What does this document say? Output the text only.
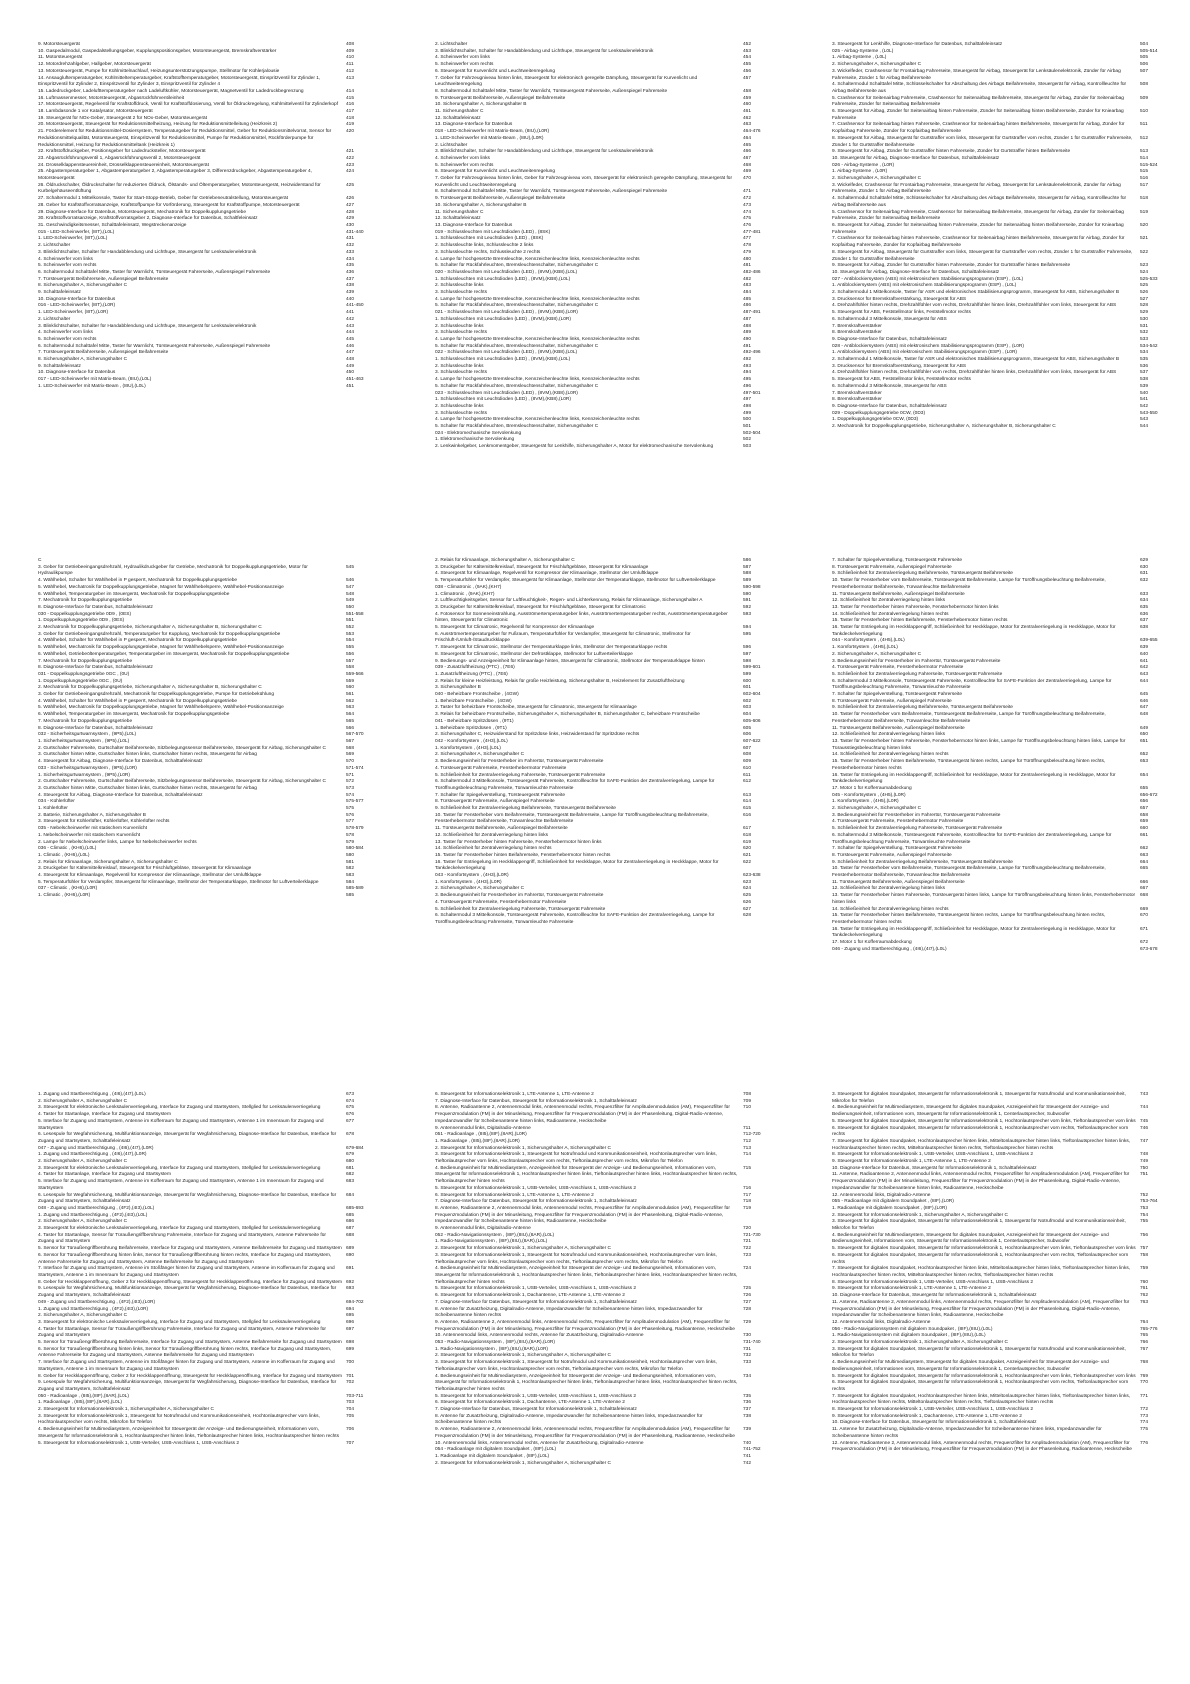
9. Motorsteuergerät	408
10. Gaspedalmodul, Gaspedalstellungsgeber, Kupplungspositionsgeber, Motorsteuergerät, Bremskraftverstärker	409
11. Motorsteuergerät	410
12. Motordrehzahlgeber, Hallgeber, Motorsteuergerät	411
13. Motorsteuergerät, Pumpe für Kühlmittelnachlauf, Heizungsunterstützungspumpe, Stellmotor für Kühlerjalousie	412
14. Ansaugluftemperaturgeber, Kühlmitteltemperaturgeber, Kraftstofftemperaturgeber, Motorsteuergerät, Einspritzventil für Zylinder 1, Einspritzventil für Zylinder 2, Einspritzventil für Zylinder 3, Einspritzventil für Zylinder 4
413
15. Ladedruckgeber, Ladelufttemperaturgeber nach Ladeluftkühler, Motorsteuergerät, Magnetventil für Ladedruckbegrenzung	414
16. Luftmassenmesser, Motorsteuergerät, Abgasrückführventileinheit	415
17. Motorsteuergerät, Regelventil für Kraftstoffdruck, Ventil für Kraftstoffdosierung, Ventil für Öldruckregelung, Kühlmittelventil für Zylinderkopf	416
18. Lambdasonde 1 vor Katalysator, Motorsteuergerät	417
19. Steuergerät für NOx-Geber, Steuergerät 2 für NOx-Geber, Motorsteuergerät	418
20. Motorsteuergerät, Steuergerät für Reduktionsmittelheizung, Heizung für Reduktionsmittelleitung (Heizkreis 2)	419
21. Förderelement für Reduktionsmittel-Dosiersystem, Temperaturgeber für Reduktionsmittel, Geber für Reduktionsmittelvorrat, Sensor für Reduktionsmittelqualität, Motorsteuergerät, Einspritzventil für Reduktionsmittel, Pumpe für Reduktionsmittel, Rückförderpumpe für Reduktionsmittel, Heizung für Reduktionsmitteltank (Heizkreis 1)
420
22. Kraftstoffdruckgeber, Positionsgeber für Ladedrucksteller, Motorsteuergerät	421
23. Abgasrückführungsventil 1, Abgasrückführungsventil 2, Motorsteuergerät	422
24. Drosselklappensteuereinheit, Drosselklappensteuereinheit, Motorsteuergerät	423
25. Abgastemperaturgeber 1, Abgastemperaturgeber 2, Abgastemperaturgeber 3, Differenzdruckgeber, Abgastemperaturgeber 4, Motorsteuergerät
424
26. Öldruckschalter, Öldruckschalter für reduzierten Öldruck, Ölstands- und Öltemperaturgeber, Motorsteuergerät, Heizwiderstand für Kurbelgehäuseentlüftung
425
27. Schaltermodul 1 Mittelkonsole, Taster für Start-Stopp-Betrieb, Geber für Getriebeneutralstellung, Motorsteuergerät	426
28. Geber für Kraftstoffvorratsanzeige, Kraftstoffpumpe für Vorförderung, Steuergerät für Kraftstoffpumpe, Motorsteuergerät	427
29. Diagnose-Interface für Datenbus, Motorsteuergerät, Mechatronik für Doppelkupplungsgetriebe	428
30. Kraftstoffvorratsanzeige, Kraftstoffvorratsgeber 2, Diagnose-Interface für Datenbus, Schaltfeleinsatz	429
31. Geschwindigkeitsmesser, Schalttafeleinsatz, Wegstreckenanzeige	430
015 - LED-Scheinwerfer, (8IT),(L0L)	431-440
1. LED-Scheinwerfer, (8IT),(L0L)	431
2. Lichtschalter	432
3. Blinklichtschalter, Schalter für Handabblendung und Lichthupe, Steuergerät für Lenksäulenelektronik	433
4. Scheinwerfer vorn links	434
5. Scheinwerfer vorn rechts	435
6. Schaltermodul Schalttafel Mitte, Taster für Warnlicht, Türsteuergerät Fahrerseite, Außenspiegel Fahrerseite	436
7. Türsteuergerät Beifahrerseite, Außenspiegel Beifahrerseite	437
8. Sicherungshalter A, Sicherungshalter C	438
9. Schalttafeleinsatz	439
10. Diagnose-Interface für Datenbus	440
016 - LED-Scheinwerfer, (8IT),(L0R)	441-450
1. LED-Scheinwerfer, (8IT),(L0R)	441
2. Lichtschalter	442
3. Blinklichtschalter, Schalter für Handabblendung und Lichthupe, Steuergerät für Lenksäulenelektronik	443
4. Scheinwerfer vorn links	444
5. Scheinwerfer vorn rechts	445
6. Schaltermodul Schalttafel Mitte, Taster für Warnlicht, Türsteuergerät Fahrerseite, Außenspiegel Fahrerseite	446
7. Türsteuergerät Beifahrerseite, Außenspiegel Beifahrerseite	447
8. Sicherungshalter A, Sicherungshalter C	448
9. Schalttafeleinsatz	449
10. Diagnose-Interface für Datenbus	450
017 - LED-Scheinwerfer mit Matrix-Beam, (8IU),(L0L)	451-463
1. LED-Scheinwerfer mit Matrix-Beam , (8IU),(L0L)	451
2. Lichtschalter	452
3. Blinklichtschalter, Schalter für Handabblendung und Lichthupe, Steuergerät für Lenksäulenelektronik	453
4. Scheinwerfer vorn links	454
5. Scheinwerfer vorn rechts	455
6. Steuergerät für Kurvenlicht und Leuchtweitenregelung	456
7. Geber für Fahrzeugniveau hinten links, Steuergerät für elektronisch geregelte Dämpfung, Steuergerät für Kurvenlicht und Leuchtweitenregelung
457
8. Schaltermodul Schalttafel Mitte, Taster für Warnlicht, Türsteuergerät Fahrerseite, Außenspiegel Fahrerseite	458
9. Türsteuergerät Beifahrerseite, Außenspiegel Beifahrerseite	459
10. Sicherungshalter A, Sicherungshalter B	460
11. Sicherungshalter C	461
12. Schalttafeleinsatz	462
13. Diagnose-Interface für Datenbus	463
018 - LED-Scheinwerfer mit Matrix-Beam, (8IU),(L0R)	464-476
1. LED-Scheinwerfer mit Matrix-Beam , (8IU),(L0R)	464
2. Lichtschalter	465
3. Blinklichtschalter, Schalter für Handabblendung und Lichthupe, Steuergerät für Lenksäulenelektronik	466
4. Scheinwerfer vorn links	467
5. Scheinwerfer vorn rechts	468
6. Steuergerät für Kurvenlicht und Leuchtweitenregelung	469
7. Geber für Fahrzeugniveau hinten links, Geber für Fahrzeugniveau vorn, Steuergerät für elektronisch geregelte Dämpfung, Steuergerät für Kurvenlicht und Leuchtweitenregelung
470
8. Schaltermodul Schalttafel Mitte, Taster für Warnlicht, Türsteuergerät Fahrerseite, Außenspiegel Fahrerseite	471
9. Türsteuergerät Beifahrerseite, Außenspiegel Beifahrerseite	472
10. Sicherungshalter A, Sicherungshalter B	473
11. Sicherungshalter C	474
12. Schalttafeleinsatz	475
13. Diagnose-Interface für Datenbus	476
019 - Schlussleuchten mit Leuchtdioden (LED) , (8SK)	477-481
1. Schlussleuchten mit Leuchtdioden (LED) , (8SK)	477
2. Schlussleuchte links, Schlussleuchte 2 links	478
3. Schlussleuchte rechts, Schlussleuchte 2 rechts	479
4. Lampe für hochgesetzte Bremsleuchte, Kennzeichenleuchte links, Kennzeichenleuchte rechts	480
5. Schalter für Rückfahrleuchten, Bremsleuchtenschalter, Sicherungshalter C	481
020 - Schlussleuchten mit Leuchtdioden (LED) , (8VM),(KB8),(L0L)	482-486
1. Schlussleuchten mit Leuchtdioden (LED) , (8VM),(KB8),(L0L)	482
2. Schlussleuchte links	483
3. Schlussleuchte rechts	484
4. Lampe für hochgesetzte Bremsleuchte, Kennzeichenleuchte links, Kennzeichenleuchte rechts	485
5. Schalter für Rückfahrleuchten, Bremsleuchtenschalter, Sicherungshalter C	486
021 - Schlussleuchten mit Leuchtdioden (LED) , (8VM),(KB8),(L0R)	487-491
1. Schlussleuchten mit Leuchtdioden (LED) , (8VM),(KB8),(L0R)	487
2. Schlussleuchte links	488
3. Schlussleuchte rechts	489
4. Lampe für hochgesetzte Bremsleuchte, Kennzeichenleuchte links, Kennzeichenleuchte rechts	490
5. Schalter für Rückfahrleuchten, Bremsleuchtenschalter, Sicherungshalter C	491
022 - Schlussleuchten mit Leuchtdioden (LED) , (8VM),(KB8),(L0L)	492-496
1. Schlussleuchten mit Leuchtdioden (LED) , (8VM),(KB8),(L0L)	492
2. Schlussleuchte links	493
3. Schlussleuchte rechts	494
4. Lampe für hochgesetzte Bremsleuchte, Kennzeichenleuchte links, Kennzeichenleuchte rechts	495
5. Schalter für Rückfahrleuchten, Bremsleuchtenschalter, Sicherungshalter C	496
023 - Schlussleuchten mit Leuchtdioden (LED) , (8VM),(KB8),(L0R)	497-501
1. Schlussleuchten mit Leuchtdioden (LED) , (8VM),(KB8),(L0R)	497
2. Schlussleuchte links	498
3. Schlussleuchte rechts	499
4. Lampe für hochgesetzte Bremsleuchte, Kennzeichenleuchte links, Kennzeichenleuchte rechts	500
5. Schalter für Rückfahrleuchten, Bremsleuchtenschalter, Sicherungshalter C	501
024 - Elektromechanische Servolenkung	502-504
1. Elektromechanische Servolenkung	502
2. Lenkwinkelgeber, Lenkmomentgeber, Steuergerät für Lenkhilfe, Sicherungshalter A, Motor für elektromechanische Servolenkung	503
3. Steuergerät für Lenkhilfe, Diagnose-Interface für Datenbus, Schalttafeleinsatz	504
025 - Airbag-Systeme , (L0L)	505-514
1. Airbag-Systeme , (L0L)	505
2. Sicherungshalter A, Sicherungshalter C	506
3. Wickelfeder, Crashsensor für Frontairbag Fahrerseite, Steuergerät für Airbag, Steuergerät für Lenksäulenelektronik, Zünder für Airbag Fahrerseite, Zünder 1 für Airbag Beifahrerseite
507
4. Schaltermodul Schalttafel Mitte, Schlüsselschalter für Abschaltung des Airbags Beifahrerseite, Steuergerät für Airbag, Kontrollleuchte für Airbag Beifahrerseite aus
508
5. Crashsensor für Seitenairbag Fahrerseite, Crashsensor für Seitenairbag Beifahrerseite, Steuergerät für Airbag, Zünder für Seitenairbag Fahrerseite, Zünder für Seitenairbag Beifahrerseite
509
6. Steuergerät für Airbag, Zünder für Seitenairbag hinten Fahrerseite, Zünder für Seitenairbag hinten Beifahrerseite, Zünder für Kniearbag Fahrerseite
510
7. Crashsensor für Seitenairbag hinten Fahrerseite, Crashsensor für Seitenairbag hinten Beifahrerseite, Steuergerät für Airbag, Zünder für Kopfairbag Fahrerseite, Zünder für Kopfairbag Beifahrerseite
511
8. Steuergerät für Airbag, Steuergerät für Gurtstraffer vorn links, Steuergerät für Gurtstraffer vorn rechts, Zünder 1 für Gurtstraffer Fahrerseite, Zünder 1 für Gurtstraffer Beifahrerseite
512
9. Steuergerät für Airbag, Zünder für Gurtstraffer hinten Fahrerseite, Zünder für Gurtstraffer hinten Beifahrerseite	513
10. Steuergerät für Airbag, Diagnose-Interface für Datenbus, Schalttafeleinsatz	514
026 - Airbag-Systeme , (L0R)	515-524
1. Airbag-Systeme , (L0R)	515
2. Sicherungshalter A, Sicherungshalter C	516
3. Wickelfeder, Crashsensor für Frontairbag Fahrerseite, Steuergerät für Airbag, Steuergerät für Lenksäulenelektronik, Zünder für Airbag Fahrerseite, Zünder 1 für Airbag Beifahrerseite
517
4. Schaltermodul Schalttafel Mitte, Schlüsselschalter für Abschaltung des Airbags Beifahrerseite, Steuergerät für Airbag, Kontrollleuchte für Airbag Beifahrerseite aus
518
5. Crashsensor für Seitenairbag Fahrerseite, Crashsensor für Seitenairbag Beifahrerseite, Steuergerät für Airbag, Zünder für Seitenairbag Fahrerseite, Zünder für Seitenairbag Beifahrerseite
519
6. Steuergerät für Airbag, Zünder für Seitenairbag hinten Fahrerseite, Zünder für Seitenairbag hinten Beifahrerseite, Zünder für Kniearbag Fahrerseite
520
7. Crashsensor für Seitenairbag hinten Fahrerseite, Crashsensor für Seitenairbag hinten Beifahrerseite, Steuergerät für Airbag, Zünder für Kopfairbag Fahrerseite, Zünder für Kopfairbag Beifahrerseite
521
8. Steuergerät für Airbag, Steuergerät für Gurtstraffer vorn links, Steuergerät für Gurtstraffer vorn rechts, Zünder 1 für Gurtstraffer Fahrerseite, Zünder 1 für Gurtstraffer Beifahrerseite
522
9. Steuergerät für Airbag, Zünder für Gurtstraffer hinten Fahrerseite, Zünder für Gurtstraffer hinten Beifahrerseite	523
10. Steuergerät für Airbag, Diagnose-Interface für Datenbus, Schalttafeleinsatz	524
027 - Antiblockiersystem (ABS) mit elektronischem Stabilisierungsprogramm (ESP) , (L0L)	525-533
1. Antiblockiersystem (ABS) mit elektronischem Stabilisierungsprogramm (ESP) , (L0L)	525
2. Schaltermodul 1 Mittelkonsole, Taster für ASR und elektronisches Stabilisierungsprogramm, Steuergerät für ABS, Sicherungshalter B	526
3. Drucksensor für Bremskraftverstärkung, Steuergerät für ABS	527
4. Drehzahlfühler hinten rechts, Drehzahlfühler vorn rechts, Drehzahlfühler hinten links, Drehzahlfühler vorn links, Steuergerät für ABS	528
5. Steuergerät für ABS, Feststellmotor links, Feststellmotor rechts	529
6. Schaltermodul 3 Mittelkonsole, Steuergerät für ABS	530
7. Bremskraftverstärker	531
8. Bremskraftverstärker	532
9. Diagnose-Interface für Datenbus, Schalttafeleinsatz	533
028 - Antiblockiersystem (ABS) mit elektronischem Stabilisierungsprogramm (ESP) , (L0R)	534-542
1. Antiblockiersystem (ABS) mit elektronischem Stabilisierungsprogramm (ESP) , (L0R)	534
2. Schaltermodul 1 Mittelkonsole, Taster für ASR und elektronisches Stabilisierungsprogramm, Steuergerät für ABS, Sicherungshalter B	535
3. Drucksensor für Bremskraftverstärkung, Steuergerät für ABS	536
4. Drehzahlfühler hinten rechts, Drehzahlfühler vorn rechts, Drehzahlfühler hinten links, Drehzahlfühler vorn links, Steuergerät für ABS	537
5. Steuergerät für ABS, Feststellmotor links, Feststellmotor rechts	538
6. Schaltermodul 3 Mittelkonsole, Steuergerät für ABS	539
7. Bremskraftverstärker	540
8. Bremskraftverstärker	541
9. Diagnose-Interface für Datenbus, Schalttafeleinsatz	542
029 - Doppelkupplungsgetriebe 0CW, (0D3)	543-550
1. Doppelkupplungsgetriebe 0CW, (0D3)	543
2. Mechatronik für Doppelkupplungsgetriebe, Sicherungshalter A, Sicherungshalter B, Sicherungshalter C	544
C
3. Geber für Getriebeeingangsdrehzahl, Hydraulikdruckgeber für Getriebe, Mechatronik für Doppelkupplungsgetriebe, Motor für Hydraulikpumpe
545
4. Wählhebel, Schalter für Wählhebel in P gesperrt, Mechatronik für Doppelkupplungsgetriebe	546
5. Wählhebel, Mechatronik für Doppelkupplungsgetriebe, Magnet für Wählhebelsperre, Wählhebel-Positionsanzeige	547
6. Wählhebel, Temperaturgeber im Steuergerät, Mechatronik für Doppelkupplungsgetriebe	548
7. Mechatronik für Doppelkupplungsgetriebe	549
8. Diagnose-Interface für Datenbus, Schalttafeleinsatz	550
030 - Doppelkupplungsgetriebe 0D9 , (0ES)	551-558
1. Doppelkupplungsgetriebe 0D9 , (0ES)	551
2. Mechatronik für Doppelkupplungsgetriebe, Sicherungshalter A, Sicherungshalter B, Sicherungshalter C	552
3. Geber für Getriebeeingangsdrehzahl, Temperaturgeber für Kupplung, Mechatronik für Doppelkupplungsgetriebe	553
4. Wählhebel, Schalter für Wählhebel in P gesperrt, Mechatronik für Doppelkupplungsgetriebe	554
5. Wählhebel, Mechatronik für Doppelkupplungsgetriebe, Magnet für Wählhebelsperre, Wählhebel-Positionsanzeige	555
6. Wählhebel, Getriebeöltemperaturgeber, Temperaturgeber im Steuergerät, Mechatronik für Doppelkupplungsgetriebe	556
7. Mechatronik für Doppelkupplungsgetriebe	557
8. Diagnose-Interface für Datenbus, Schalttafeleinsatz	558
031 - Doppelkupplungsgetriebe 0GC , (0U)	559-566
1. Doppelkupplungsgetriebe 0GC , (0U)	559
2. Mechatronik für Doppelkupplungsgetriebe, Sicherungshalter A, Sicherungshalter B, Sicherungshalter C	560
3. Geber für Getriebeeingangsdrehzahl, Mechatronik für Doppelkupplungsgetriebe, Pumpe für Getriebekühlung	561
4. Wählhebel, Schalter für Wählhebel in P gesperrt, Mechatronik für Doppelkupplungsgetriebe	562
5. Wählhebel, Mechatronik für Doppelkupplungsgetriebe, Magnet für Wählhebelsperre, Wählhebel-Positionsanzeige	563
6. Wählhebel, Temperaturgeber im Steuergerät, Mechatronik für Doppelkupplungsgetriebe	564
7. Mechatronik für Doppelkupplungsgetriebe	565
8. Diagnose-Interface für Datenbus, Schalttafeleinsatz	566
032 - Sicherheitsgurtwarnsystem , (9P5),(L0L)	567-570
1. Sicherheitsgurtwarnsystem , (9P5),(L0L)	567
2. Gurtschalter Fahrerseite, Gurtschalter Beifahrerseite, Sitzbelegungssensor Beifahrerseite, Steuergerät für Airbag, Sicherungshalter C	568
3. Gurtschalter hinten Mitte, Gurtschalter hinten links, Gurtschalter hinten rechts, Steuergerät für Airbag	569
4. Steuergerät für Airbag, Diagnose-Interface für Datenbus, Schalttafeleinsatz	570
033 - Sicherheitsgurtwarnsystem , (9P5),(L0R)	571-574
1. Sicherheitsgurtwarnsystem , (9P5),(L0R)	571
2. Gurtschalter Fahrerseite, Gurtschalter Beifahrerseite, Sitzbelegungssensor Beifahrerseite, Steuergerät für Airbag, Sicherungshalter C	572
3. Gurtschalter hinten Mitte, Gurtschalter hinten links, Gurtschalter hinten rechts, Steuergerät für Airbag	573
4. Steuergerät für Airbag, Diagnose-Interface für Datenbus, Schalttafeleinsatz	574
034 - Kühlerlüfter	575-577
1. Kühlerlüfter	575
2. Batterie, Sicherungshalter A, Sicherungshalter B	576
3. Steuergerät für Kühlerlüfter, Kühlerlüfter, Kühlerlüfter rechts	577
035 - Nebelscheinwerfer mit statischem Kurvenlicht	578-579
1. Nebelscheinwerfer mit statischem Kurvenlicht	578
2. Lampe für Nebelscheinwerfer links, Lampe für Nebelscheinwerfer rechts	579
036 - Climatic , (KH6),(L0L)	580-584
1. Climatic , (KH6),(L0L)	580
2. Relais für Klimaanlage, Sicherungshalter A, Sicherungshalter C	581
3. Druckgeber für Kältemittelkreislauf, Steuergerät für Frischluftgebläse, Steuergerät für Klimaanlage	582
4. Steuergerät für Klimaanlage, Regelventil für Kompressor der Klimaanlage, Stellmotor der Umluftklappe	583
5. Temperaturfühler für Verdampfer, Steuergerät für Klimaanlage, Stellmotor der Temperaturklappe, Stellmotor für Luftverteilerklappe	584
037 - Climatic , (KH6),(L0R)	585-589
1. Climatic , (KH6),(L0R)	585
2. Relais für Klimaanlage, Sicherungshalter A, Sicherungshalter C	586
3. Druckgeber für Kältemittelkreislauf, Steuergerät für Frischluftgebläse, Steuergerät für Klimaanlage	587
4. Steuergerät für Klimaanlage, Regelventil für Kompressor der Klimaanlage, Stellmotor der Umluftklappe	588
5. Temperaturfühler für Verdampfer, Steuergerät für Klimaanlage, Stellmotor der Temperaturklappe, Stellmotor für Luftverteilerklappe	589
038 - Climatronic , (9AK),(KH7)	590-598
1. Climatronic , (9AK),(KH7)	590
2. Luftfeuchtigkeitsgeber, Sensor für Luftfeuchtigkeit-, Regen- und Lichterkennung, Relais für Klimaanlage, Sicherungshalter A	591
3. Druckgeber für Kältemittelkreislauf, Steuergerät für Frischluftgebläse, Steuergerät für Climatronic	592
4. Fotosensor für Sonneneinstrahlung, Ausströmertemperaturgeber links, Ausströmertemperaturgeber rechts, Ausströmertemperaturgeber hinten, Steuergerät für Climatronic
593
5. Steuergerät für Climatronic, Regelventil für Kompressor der Klimaanlage	594
6. Ausströmertemperaturgeber für Fußraum, Temperaturfühler für Verdampfer, Steuergerät für Climatronic, Stellmotor für Frischluft-/Umluft-/Staudruckklappe
595
7. Steuergerät für Climatronic, Stellmotor der Temperaturklappe links, Stellmotor der Temperaturklappe rechts	596
8. Steuergerät für Climatronic, Stellmotor der Defrostklappe, Stellmotor für Luftverteilerklappe	597
9. Bedienungs- und Anzeigeeinheit für Klimaanlage hinten, Steuergerät für Climatronic, Stellmotor der Temperaturklappe hinten	598
039 - Zusatzluftheizung (PTC) , (7E6)	599-601
1. Zusatzluftheizung (PTC) , (7E6)	599
2. Relais für kleine Heizleistung, Relais für große Heizleistung, Sicherungshalter B, Heizelement für Zusatzluftheizung	600
3. Sicherungshalter B	601
040 - Beheizbare Frontscheibe , (4GW)	602-604
1. Beheizbare Frontscheibe , (4GW)	602
2. Taster für beheizbare Frontscheibe, Steuergerät für Climatronic, Steuergerät für Klimaanlage	603
3. Relais für beheizbare Frontscheibe, Sicherungshalter A, Sicherungshalter B, Sicherungshalter C, beheizbare Frontscheibe	604
041 - Beheizbare Spritzdüsen , (9T1)	605-606
1. Beheizbare Spritzdüsen , (9T1)	605
2. Sicherungshalter C, Heizwiderstand für Spritzdüse links, Heizwiderstand für Spritzdüse rechts	606
042 - Komfortsystem , (4H3),(L0L)	607-622
1. Komfortsystem , (4H3),(L0L)	607
2. Sicherungshalter A, Sicherungshalter C	608
3. Bedienungseinheit für Fensterheber im Fahrertür, Türsteuergerät Fahrerseite	609
4. Türsteuergerät Fahrerseite, Fensterhebermotor Fahrerseite	610
5. Schließeinheit für Zentralverriegelung Fahrerseite, Türsteuergerät Fahrerseite	611
6. Schaltermodul 3 Mittelkonsole, Türsteuergerät Fahrerseite, Kontrollleuchte für SAFE-Funktion der Zentralverriegelung, Lampe für Türöffnungsbeleuchtung Fahrerseite, Türwarnleuchte Fahrerseite
612
7. Schalter für Spiegelverstellung, Türsteuergerät Fahrerseite	613
8. Türsteuergerät Fahrerseite, Außenspiegel Fahrerseite	614
9. Schließeinheit für Zentralverriegelung Beifahrerseite, Türsteuergerät Beifahrerseite	615
10. Taster für Fensterheber vorn Beifahrerseite, Türsteuergerät Beifahrerseite, Lampe für Türöffnungsbeleuchtung Beifahrerseite, Fensterhebermotor Beifahrerseite, Türwarnleuchte Beifahrerseite
616
11. Türsteuergerät Beifahrerseite, Außenspiegel Beifahrerseite	617
12. Schließeinheit für Zentralverriegelung hinten links	618
13. Taster für Fensterheber hinten Fahrerseite, Fensterhebermotor hinten links	619
14. Schließeinheit für Zentralverriegelung hinten rechts	620
15. Taster für Fensterheber hinten Beifahrerseite, Fensterhebermotor hinten rechts	621
16. Taster für Entriegelung im Heckklappengriff, Schließeinheit für Heckklappe, Motor für Zentralverriegelung in Heckklappe, Motor für Tankdeckelverriegelung
622
043 - Komfortsystem , (4H3),(L0R)	623-638
1. Komfortsystem , (4H3),(L0R)	623
2. Sicherungshalter A, Sicherungshalter C	624
3. Bedienungseinheit für Fensterheber im Fahrertür, Türsteuergerät Fahrerseite	625
4. Türsteuergerät Fahrerseite, Fensterhebermotor Fahrerseite	626
5. Schließeinheit für Zentralverriegelung Fahrerseite, Türsteuergerät Fahrerseite	627
6. Schaltermodul 3 Mittelkonsole, Türsteuergerät Fahrerseite, Kontrollleuchte für SAFE-Funktion der Zentralverriegelung, Lampe für Türöffnungsbeleuchtung Fahrerseite, Türwarnleuchte Fahrerseite
628
7. Schalter für Spiegelverstellung, Türsteuergerät Fahrerseite	629
8. Türsteuergerät Fahrerseite, Außenspiegel Fahrerseite	630
9. Schließeinheit für Zentralverriegelung Beifahrerseite, Türsteuergerät Beifahrerseite	631
10. Taster für Fensterheber vorn Beifahrerseite, Türsteuergerät Beifahrerseite, Lampe für Türöffnungsbeleuchtung Beifahrerseite, Fensterhebermotor Beifahrerseite, Türwarnleuchte Beifahrerseite
632
11. Türsteuergerät Beifahrerseite, Außenspiegel Beifahrerseite	633
12. Schließeinheit für Zentralverriegelung hinten links	634
13. Taster für Fensterheber hinten Fahrerseite, Fensterhebermotor hinten links	635
14. Schließeinheit für Zentralverriegelung hinten rechts	636
15. Taster für Fensterheber hinten Beifahrerseite, Fensterhebermotor hinten rechts	637
16. Taster für Entriegelung im Heckklappengriff, Schließeinheit für Heckklappe, Motor für Zentralverriegelung in Heckklappe, Motor für Tankdeckelverriegelung
638
044 - Komfortsystem , (4H5),(L0L)	639-655
1. Komfortsystem , (4H5),(L0L)	639
2. Sicherungshalter A, Sicherungshalter C	640
3. Bedienungseinheit für Fensterheber im Fahrertür, Türsteuergerät Fahrerseite	641
4. Türsteuergerät Fahrerseite, Fensterhebermotor Fahrerseite	642
5. Schließeinheit für Zentralverriegelung Fahrerseite, Türsteuergerät Fahrerseite	643
6. Schaltermodul 3 Mittelkonsole, Türsteuergerät Fahrerseite, Kontrollleuchte für SAFE-Funktion der Zentralverriegelung, Lampe für Türöffnungsbeleuchtung Fahrerseite, Türwarnleuchte Fahrerseite
644
7. Schalter für Spiegelverstellung, Türsteuergerät Fahrerseite	645
8. Türsteuergerät Fahrerseite, Außenspiegel Fahrerseite	646
9. Schließeinheit für Zentralverriegelung Beifahrerseite, Türsteuergerät Beifahrerseite	647
10. Taster für Fensterheber vorn Beifahrerseite, Türsteuergerät Beifahrerseite, Lampe für Türöffnungsbeleuchtung Beifahrerseite, Fensterhebermotor Beifahrerseite, Türwarnleuchte Beifahrerseite
648
11. Türsteuergerät Beifahrerseite, Außenspiegel Beifahrerseite	649
12. Schließeinheit für Zentralverriegelung hinten links	650
13. Taster für Fensterheber hinten Fahrerseite, Fensterhebermotor hinten links, Lampe für Türöffnungsbeleuchtung hinten links, Lampe für Türausstiegsbeleuchtung hinten links
651
14. Schließeinheit für Zentralverriegelung hinten rechts	652
15. Taster für Fensterheber hinten Beifahrerseite, Türsteuergerät hinten rechts, Lampe für Türöffnungsbeleuchtung hinten rechts, Fensterhebermotor hinten rechts
653
16. Taster für Entriegelung im Heckklappengriff, Schließeinheit für Heckklappe, Motor für Zentralverriegelung in Heckklappe, Motor für Tankdeckelverriegelung
654
17. Motor 1 für Kofferraumabdeckung	655
045 - Komfortsystem , (4H5),(L0R)	656-672
1. Komfortsystem , (4H5),(L0R)	656
2. Sicherungshalter A, Sicherungshalter C	657
3. Bedienungseinheit für Fensterheber im Fahrertür, Türsteuergerät Fahrerseite	658
4. Türsteuergerät Fahrerseite, Fensterhebermotor Fahrerseite	659
5. Schließeinheit für Zentralverriegelung Fahrerseite, Türsteuergerät Fahrerseite	660
6. Schaltermodul 3 Mittelkonsole, Türsteuergerät Fahrerseite, Kontrollleuchte für SAFE-Funktion der Zentralverriegelung, Lampe für Türöffnungsbeleuchtung Fahrerseite, Türwarnleuchte Fahrerseite
661
7. Schalter für Spiegelverstellung, Türsteuergerät Fahrerseite	662
8. Türsteuergerät Fahrerseite, Außenspiegel Fahrerseite	663
9. Schließeinheit für Zentralverriegelung Beifahrerseite, Türsteuergerät Beifahrerseite	664
10. Taster für Fensterheber vorn Beifahrerseite, Türsteuergerät Beifahrerseite, Lampe für Türöffnungsbeleuchtung Beifahrerseite, Fensterhebermotor Beifahrerseite, Türwarnleuchte Beifahrerseite
665
11. Türsteuergerät Beifahrerseite, Außenspiegel Beifahrerseite	666
12. Schließeinheit für Zentralverriegelung hinten links	667
13. Taster für Fensterheber hinten Fahrerseite, Türsteuergerät hinten links, Lampe für Türöffnungsbeleuchtung hinten links, Fensterhebermotor hinten links
668
14. Schließeinheit für Zentralverriegelung hinten rechts	669
15. Taster für Fensterheber hinten Beifahrerseite, Türsteuergerät hinten rechts, Lampe für Türöffnungsbeleuchtung hinten rechts, Fensterhebermotor hinten rechts
670
16. Taster für Entriegelung im Heckklappengriff, Schließeinheit für Heckklappe, Motor für Zentralverriegelung in Heckklappe, Motor für Tankdeckelverriegelung
671
17. Motor 1 für Kofferraumabdeckung	672
046 - Zugang und Startberechtigung , (4I6),(4I7),(L0L)	673-678
1. Zugang und Startberechtigung , (4I6),(4I7),(L0L)	673
2. Sicherungshalter A, Sicherungshalter C	674
3. Steuergerät für elektronische Lenksäulenverriegelung, Interface für Zugang und Startsystem, Stellglied für Lenksäulenverriegelung	675
4. Taster für Startanlage, Interface für Zugang und Startsystem	676
5. Interface für Zugang und Startsystem, Antenne im Kofferraum für Zugang und Startsystem, Antenne 1 im Innenraum für Zugang und Startsystem
677
6. Lesespule für Wegfahrsicherung, Multifunktionsanzeige, Steuergerät für Wegfahrsicherung, Diagnose-Interface für Datenbus, Interface für Zugang und Startsystem, Schalttafeleinsatz
678
047 - Zugang und Startberechtigung , (4I6),(4I7),(L0R)	679-684
1. Zugang und Startberechtigung , (4I6),(4I7),(L0R)	679
2. Sicherungshalter A, Sicherungshalter C	680
3. Steuergerät für elektronische Lenksäulenverriegelung, Interface für Zugang und Startsystem, Stellglied für Lenksäulenverriegelung	681
4. Taster für Startanlage, Interface für Zugang und Startsystem	682
5. Interface für Zugang und Startsystem, Antenne im Kofferraum für Zugang und Startsystem, Antenne 1 im Innenraum für Zugang und Startsystem
683
6. Lesespule für Wegfahrsicherung, Multifunktionsanzeige, Steuergerät für Wegfahrsicherung, Diagnose-Interface für Datenbus, Interface für Zugang und Startsystem, Schalttafeleinsatz
684
048 - Zugang und Startberechtigung , (4F2),(4I3),(L0L)	685-693
1. Zugang und Startberechtigung , (4F2),(4I3),(L0L)	685
2. Sicherungshalter A, Sicherungshalter C	686
3. Steuergerät für elektronische Lenksäulenverriegelung, Interface für Zugang und Startsystem, Stellglied für Lenksäulenverriegelung	687
4. Taster für Startanlage, Sensor für Türaußengriffberührung Fahrerseite, Interface für Zugang und Startsystem, Antenne Fahrerseite für Zugang und Startsystem
688
5. Sensor für Türaußengriffberührung Beifahrerseite, Interface für Zugang und Startsystem, Antenne Beifahrerseite für Zugang und Startsystem 689
6. Sensor für Türaußengriffberührung hinten links, Sensor für Türaußengriffberührung hinten rechts, Interface für Zugang und Startsystem, Antenne Fahrerseite für Zugang und Startsystem, Antenne Beifahrerseite für Zugang und Startsystem
690
7. Interface für Zugang und Startsystem, Antenne im Stoßfänger hinten für Zugang und Startsystem, Antenne im Kofferraum für Zugang und Startsystem, Antenne 1 im Innenraum für Zugang und Startsystem
691
8. Geber für Heckklappenöffnung, Geber 2 für Heckklappenöffnung, Steuergerät für Heckklappenöffnung, Interface für Zugang und Startsystem 692
9. Lesespule für Wegfahrsicherung, Multifunktionsanzeige, Steuergerät für Wegfahrsicherung, Diagnose-Interface für Datenbus, Interface für Zugang und Startsystem, Schalttafeleinsatz
693
049 - Zugang und Startberechtigung , (4F2),(4I3),(L0R)	694-702
1. Zugang und Startberechtigung , (4F2),(4I3),(L0R)	694
2. Sicherungshalter A, Sicherungshalter C	695
3. Steuergerät für elektronische Lenksäulenverriegelung, Interface für Zugang und Startsystem, Stellglied für Lenksäulenverriegelung	696
4. Taster für Startanlage, Sensor für Türaußengriffberührung Fahrerseite, Interface für Zugang und Startsystem, Antenne Fahrerseite für Zugang und Startsystem
697
5. Sensor für Türaußengriffberührung Beifahrerseite, Interface für Zugang und Startsystem, Antenne Beifahrerseite für Zugang und Startsystem 698
6. Sensor für Türaußengriffberührung hinten links, Sensor für Türaußengriffberührung hinten rechts, Interface für Zugang und Startsystem, Antenne Fahrerseite für Zugang und Startsystem, Antenne Beifahrerseite für Zugang und Startsystem
699
7. Interface für Zugang und Startsystem, Antenne im Stoßfänger hinten für Zugang und Startsystem, Antenne im Kofferraum für Zugang und Startsystem, Antenne 1 im Innenraum für Zugang und Startsystem
700
8. Geber für Heckklappenöffnung, Geber 2 für Heckklappenöffnung, Steuergerät für Heckklappenöffnung, Interface für Zugang und Startsystem 701
9. Lesespule für Wegfahrsicherung, Multifunktionsanzeige, Steuergerät für Wegfahrsicherung, Diagnose-Interface für Datenbus, Interface für Zugang und Startsystem, Schalttafeleinsatz
702
050 - Radioanlage , (8I5),(8IF),(8AR),(L0L)	703-711
1. Radioanlage , (8I5),(8IF),(8AR),(L0L)	703
2. Steuergerät für Informationselektronik 1, Sicherungshalter A, Sicherungshalter C	704
3. Steuergerät für Informationselektronik 1, Steuergerät für Notrufmodul und Kommunikationseinheit, Hochtonlautsprecher vorn links, Hochtonlautsprecher vorn rechts, Mikrofon für Telefon
705
4. Bedienungseinheit für Multimediasystem, Anzeigeeinheit für Steuergerät der Anzeige- und Bedienungseinheit, Informationen vorn, Steuergerät für Informationselektronik 1, Hochtonlautsprecher hinten links, Tieftonlautsprecher hinten links, Hochtonlautsprecher hinten rechts
706
5. Steuergerät für Informationselektronik 1, USB-Verteiler, USB-Anschluss 1, USB-Anschluss 2	707
6. Steuergerät für Informationselektronik 1, LTE-Antenne 1, LTE-Antenne 2	708
7. Diagnose-Interface für Datenbus, Steuergerät für Informationselektronik 1, Schalttafeleinsatz	709
8. Antenne, Radioantenne 2, Antennenmodul links, Antennenmodul rechts, Frequenzfilter für Amplitudenmodulation (AM), Frequenzfilter für Frequenzmodulation (FM) in der Minusleitung, Frequenzfilter für Frequenzmodulation (FM) in der Phasenleitung, Digital-Radio-Antenne, Impedanzwandler für Scheibenantenne hinten links, Radioantenne, Heckscheibe
710
9. Antennenmodul links, Digitalradio-Antenne	711
051 - Radioanlage , (8I5),(8IF),(8AR),(L0R)	712-720
1. Radioanlage , (8I5),(8IF),(8AR),(L0R)	712
2. Steuergerät für Informationselektronik 1, Sicherungshalter A, Sicherungshalter C	713
3. Steuergerät für Informationselektronik 1, Steuergerät für Notrufmodul und Kommunikationseinheit, Hochtonlautsprecher vorn links, Tieftonlautsprecher vorn links, Hochtonlautsprecher vorn rechts, Tieftonlautsprecher vorn rechts, Mikrofon für Telefon
714
4. Bedienungseinheit für Multimediasystem, Anzeigeeinheit für Steuergerät der Anzeige- und Bedienungseinheit, Informationen vorn, Steuergerät für Informationselektronik 1, Hochtonlautsprecher hinten links, Tieftonlautsprecher hinten links, Hochtonlautsprecher hinten rechts, Tieftonlautsprecher hinten rechts
715
5. Steuergerät für Informationselektronik 1, USB-Verteiler, USB-Anschluss 1, USB-Anschluss 2	716
6. Steuergerät für Informationselektronik 1, LTE-Antenne 1, LTE-Antenne 2	717
7. Diagnose-Interface für Datenbus, Steuergerät für Informationselektronik 1, Schalttafeleinsatz	718
8. Antenne, Radioantenne 2, Antennenmodul links, Antennenmodul rechts, Frequenzfilter für Amplitudenmodulation (AM), Frequenzfilter für Frequenzmodulation (FM) in der Minusleitung, Frequenzfilter für Frequenzmodulation (FM) in der Phasenleitung, Digital-Radio-Antenne, Impedanzwandler für Scheibenantenne hinten links, Radioantenne, Heckscheibe
719
9. Antennenmodul links, Digitalradio-Antenne	720
052 - Radio-Navigationssystem , (8IF),(8IU),(8AR),(L0L)	721-730
1. Radio-Navigationssystem , (8IF),(8IU),(8AR),(L0L)	721
2. Steuergerät für Informationselektronik 1, Sicherungshalter A, Sicherungshalter C	722
3. Steuergerät für Informationselektronik 1, Steuergerät für Notrufmodul und Kommunikationseinheit, Hochtonlautsprecher vorn links, Tieftonlautsprecher vorn links, Hochtonlautsprecher vorn rechts, Tieftonlautsprecher vorn rechts, Mikrofon für Telefon
723
4. Bedienungseinheit für Multimediasystem, Anzeigeeinheit für Steuergerät der Anzeige- und Bedienungseinheit, Informationen vorn, Steuergerät für Informationselektronik 1, Hochtonlautsprecher hinten links, Tieftonlautsprecher hinten links, Hochtonlautsprecher hinten rechts, Tieftonlautsprecher hinten rechts
724
5. Steuergerät für Informationselektronik 1, USB-Verteiler, USB-Anschluss 1, USB-Anschluss 2	725
6. Steuergerät für Informationselektronik 1, Dachantenne, LTE-Antenne 1, LTE-Antenne 2	726
7. Diagnose-Interface für Datenbus, Steuergerät für Informationselektronik 1, Schalttafeleinsatz	727
8. Antenne für Zusatzheizung, Digitalradio-Antenne, Impedanzwandler für Scheibenantenne hinten links, Impedanzwandler für Scheibenantenne hinten rechts
728
9. Antenne, Radioantenne 2, Antennenmodul links, Antennenmodul rechts, Frequenzfilter für Amplitudenmodulation (AM), Frequenzfilter für Frequenzmodulation (FM) in der Minusleitung, Frequenzfilter für Frequenzmodulation (FM) in der Phasenleitung, Radioantenne, Heckscheibe
729
10. Antennenmodul links, Antennenmodul rechts, Antenne für Zusatzheizung, Digitalradio-Antenne	730
053 - Radio-Navigationssystem , (8IF),(8IU),(8AR),(L0R)	731-740
1. Radio-Navigationssystem , (8IF),(8IU),(8AR),(L0R)	731
2. Steuergerät für Informationselektronik 1, Sicherungshalter A, Sicherungshalter C	732
3. Steuergerät für Informationselektronik 1, Steuergerät für Notrufmodul und Kommunikationseinheit, Hochtonlautsprecher vorn links, Tieftonlautsprecher vorn links, Hochtonlautsprecher vorn rechts, Tieftonlautsprecher vorn rechts, Mikrofon für Telefon
733
4. Bedienungseinheit für Multimediasystem, Anzeigeeinheit für Steuergerät der Anzeige- und Bedienungseinheit, Informationen vorn, Steuergerät für Informationselektronik 1, Hochtonlautsprecher hinten links, Tieftonlautsprecher hinten links, Hochtonlautsprecher hinten rechts, Tieftonlautsprecher hinten rechts
734
5. Steuergerät für Informationselektronik 1, USB-Verteiler, USB-Anschluss 1, USB-Anschluss 2	735
6. Steuergerät für Informationselektronik 1, Dachantenne, LTE-Antenne 1, LTE-Antenne 2	736
7. Diagnose-Interface für Datenbus, Steuergerät für Informationselektronik 1, Schalttafeleinsatz	737
8. Antenne für Zusatzheizung, Digitalradio-Antenne, Impedanzwandler für Scheibenantenne hinten links, Impedanzwandler für Scheibenantenne hinten rechts
738
9. Antenne, Radioantenne 2, Antennenmodul links, Antennenmodul rechts, Frequenzfilter für Amplitudenmodulation (AM), Frequenzfilter für Frequenzmodulation (FM) in der Minusleitung, Frequenzfilter für Frequenzmodulation (FM) in der Phasenleitung, Radioantenne, Heckscheibe
739
10. Antennenmodul links, Antennenmodul rechts, Antenne für Zusatzheizung, Digitalradio-Antenne	740
054 - Radioanlage mit digitalem Soundpaket , (8IF),(L0L)	741-752
1. Radioanlage mit digitalem Soundpaket , (8IF),(L0L)	741
2. Steuergerät für Informationselektronik 1, Sicherungshalter A, Sicherungshalter C	742
3. Steuergerät für digitales Soundpaket, Steuergerät für Informationselektronik 1, Steuergerät für Notrufmodul und Kommunikationseinheit, Mikrofon für Telefon
743
4. Bedienungseinheit für Multimediasystem, Steuergerät für digitales Soundpaket, Anzeigeeinheit für Steuergerät der Anzeige- und Bedienungseinheit, Informationen vorn, Steuergerät für Informationselektronik 1, Centerlautsprecher, Subwoofer
744
5. Steuergerät für digitales Soundpaket, Steuergerät für Informationselektronik 1, Hochtonlautsprecher vorn links, Tieftonlautsprecher vorn links 745
6. Steuergerät für digitales Soundpaket, Steuergerät für Informationselektronik 1, Hochtonlautsprecher vorn rechts, Tieftonlautsprecher vorn rechts
746
7. Steuergerät für digitales Soundpaket, Hochtonlautsprecher hinten links, Mitteltonlautsprecher hinten links, Tieftonlautsprecher hinten links, Hochtonlautsprecher hinten rechts, Mitteltonlautsprecher hinten rechts, Tieftonlautsprecher hinten rechts
747
8. Steuergerät für Informationselektronik 1, USB-Verteiler, USB-Anschluss 1, USB-Anschluss 2	748
9. Steuergerät für Informationselektronik 1, LTE-Antenne 1, LTE-Antenne 2	749
10. Diagnose-Interface für Datenbus, Steuergerät für Informationselektronik 1, Schalttafeleinsatz	750
11. Antenne, Radioantenne 2, Antennenmodul links, Antennenmodul rechts, Frequenzfilter für Amplitudenmodulation (AM), Frequenzfilter für Frequenzmodulation (FM) in der Minusleitung, Frequenzfilter für Frequenzmodulation (FM) in der Phasenleitung, Digital-Radio-Antenne, Impedanzwandler für Scheibenantenne hinten links, Radioantenne, Heckscheibe
751
12. Antennenmodul links, Digitalradio-Antenne	752
055 - Radioanlage mit digitalem Soundpaket , (8IF),(L0R)	753-764
1. Radioanlage mit digitalem Soundpaket , (8IF),(L0R)	753
2. Steuergerät für Informationselektronik 1, Sicherungshalter A, Sicherungshalter C	754
3. Steuergerät für digitales Soundpaket, Steuergerät für Informationselektronik 1, Steuergerät für Notrufmodul und Kommunikationseinheit, Mikrofon für Telefon
755
4. Bedienungseinheit für Multimediasystem, Steuergerät für digitales Soundpaket, Anzeigeeinheit für Steuergerät der Anzeige- und Bedienungseinheit, Informationen vorn, Steuergerät für Informationselektronik 1, Centerlautsprecher, Subwoofer
756
5. Steuergerät für digitales Soundpaket, Steuergerät für Informationselektronik 1, Hochtonlautsprecher vorn links, Tieftonlautsprecher vorn links 757
6. Steuergerät für digitales Soundpaket, Steuergerät für Informationselektronik 1, Hochtonlautsprecher vorn rechts, Tieftonlautsprecher vorn rechts
758
7. Steuergerät für digitales Soundpaket, Hochtonlautsprecher hinten links, Mitteltonlautsprecher hinten links, Tieftonlautsprecher hinten links, Hochtonlautsprecher hinten rechts, Mitteltonlautsprecher hinten rechts, Tieftonlautsprecher hinten rechts
759
8. Steuergerät für Informationselektronik 1, USB-Verteiler, USB-Anschluss 1, USB-Anschluss 2	760
9. Steuergerät für Informationselektronik 1, LTE-Antenne 1, LTE-Antenne 2	761
10. Diagnose-Interface für Datenbus, Steuergerät für Informationselektronik 1, Schalttafeleinsatz	762
11. Antenne, Radioantenne 2, Antennenmodul links, Antennenmodul rechts, Frequenzfilter für Amplitudenmodulation (AM), Frequenzfilter für Frequenzmodulation (FM) in der Minusleitung, Frequenzfilter für Frequenzmodulation (FM) in der Phasenleitung, Digital-Radio-Antenne, Impedanzwandler für Scheibenantenne hinten links, Radioantenne, Heckscheibe
763
12. Antennenmodul links, Digitalradio-Antenne	764
056 - Radio-Navigationssystem mit digitalem Soundpaket , (8IF),(8IU),(L0L)	765-776
1. Radio-Navigationssystem mit digitalem Soundpaket , (8IF),(8IU),(L0L)	765
2. Steuergerät für Informationselektronik 1, Sicherungshalter A, Sicherungshalter C	766
3. Steuergerät für digitales Soundpaket, Steuergerät für Informationselektronik 1, Steuergerät für Notrufmodul und Kommunikationseinheit, Mikrofon für Telefon
767
4. Bedienungseinheit für Multimediasystem, Steuergerät für digitales Soundpaket, Anzeigeeinheit für Steuergerät der Anzeige- und Bedienungseinheit, Informationen vorn, Steuergerät für Informationselektronik 1, Centerlautsprecher, Subwoofer
768
5. Steuergerät für digitales Soundpaket, Steuergerät für Informationselektronik 1, Hochtonlautsprecher vorn links, Tieftonlautsprecher vorn links 769
6. Steuergerät für digitales Soundpaket, Steuergerät für Informationselektronik 1, Hochtonlautsprecher vorn rechts, Tieftonlautsprecher vorn rechts
770
7. Steuergerät für digitales Soundpaket, Hochtonlautsprecher hinten links, Mitteltonlautsprecher hinten links, Tieftonlautsprecher hinten links, Hochtonlautsprecher hinten rechts, Mitteltonlautsprecher hinten rechts, Tieftonlautsprecher hinten rechts
771
8. Steuergerät für Informationselektronik 1, USB-Verteiler, USB-Anschluss 1, USB-Anschluss 2	772
9. Steuergerät für Informationselektronik 1, Dachantenne, LTE-Antenne 1, LTE-Antenne 2	773
10. Diagnose-Interface für Datenbus, Steuergerät für Informationselektronik 1, Schalttafeleinsatz	774
11. Antenne für Zusatzheizung, Digitalradio-Antenne, Impedanzwandler für Scheibenantenne hinten links, Impedanzwandler für Scheibenantenne hinten rechts
775
12. Antenne, Radioantenne 2, Antennenmodul links, Antennenmodul rechts, Frequenzfilter für Amplitudenmodulation (AM), Frequenzfilter für Frequenzmodulation (FM) in der Minusleitung, Frequenzfilter für Frequenzmodulation (FM) in der Phasenleitung, Radioantenne, Heckscheibe
776
